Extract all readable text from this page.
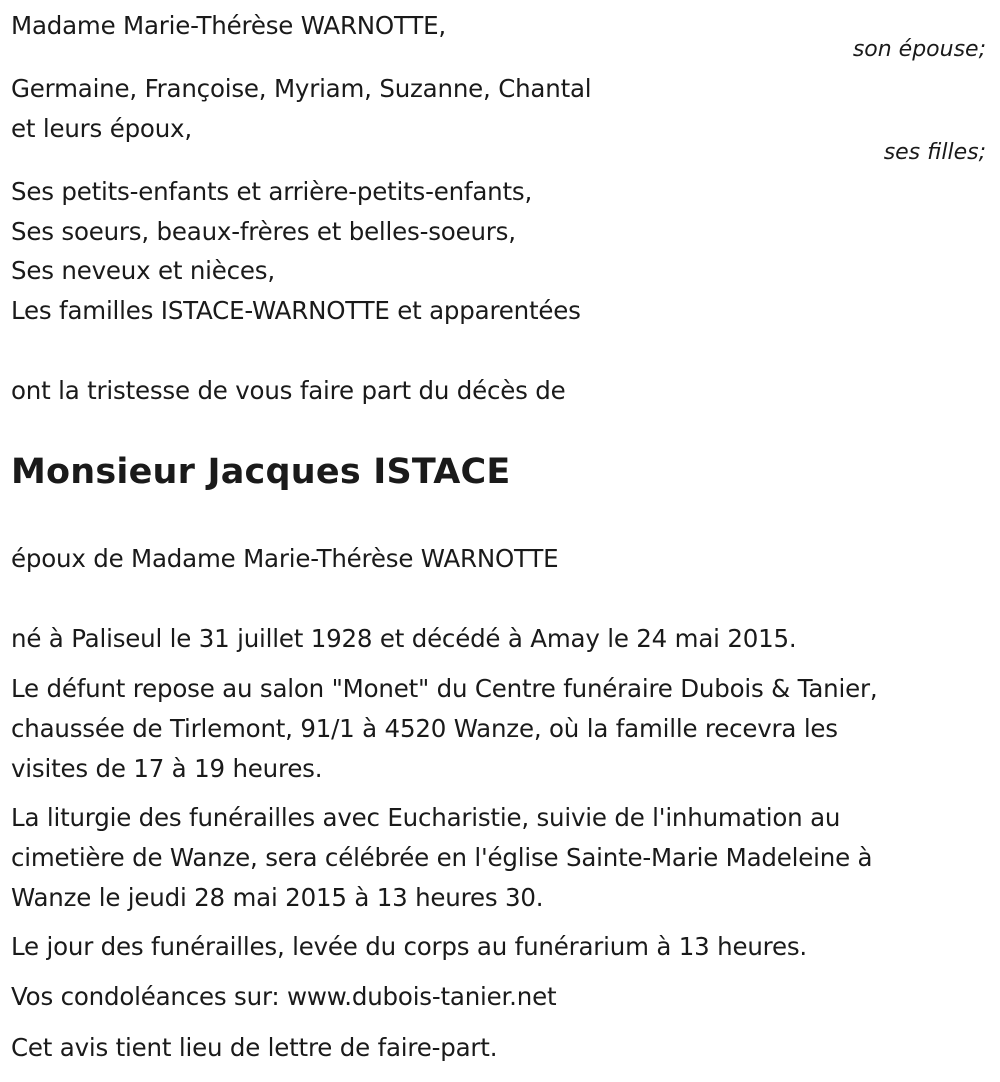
Madame Marie-Thérèse WARNOTTE,
son épouse;
Germaine, Françoise, Myriam, Suzanne, Chantal
et leurs époux,
ses filles;
Ses petits-enfants et arrière-petits-enfants,
Ses soeurs, beaux-frères et belles-soeurs,
Ses neveux et nièces,
Les familles ISTACE-WARNOTTE et apparentées
ont la tristesse de vous faire part du décès de
Monsieur Jacques ISTACE
époux de Madame Marie-Thérèse WARNOTTE
né à Paliseul le 31 juillet 1928 et décédé à Amay le 24 mai 2015.
Le défunt repose au salon "Monet" du Centre funéraire Dubois & Tanier,
chaussée de Tirlemont, 91/1 à 4520 Wanze, où la famille recevra les
visites de 17 à 19 heures.
La liturgie des funérailles avec Eucharistie, suivie de l'inhumation au
cimetière de Wanze, sera célébrée en l'église Sainte-Marie Madeleine à
Wanze le jeudi 28 mai 2015 à 13 heures 30.
Le jour des funérailles, levée du corps au funérarium à 13 heures.
Vos condoléances sur: www.dubois-tanier.net
Cet avis tient lieu de lettre de faire-part.
